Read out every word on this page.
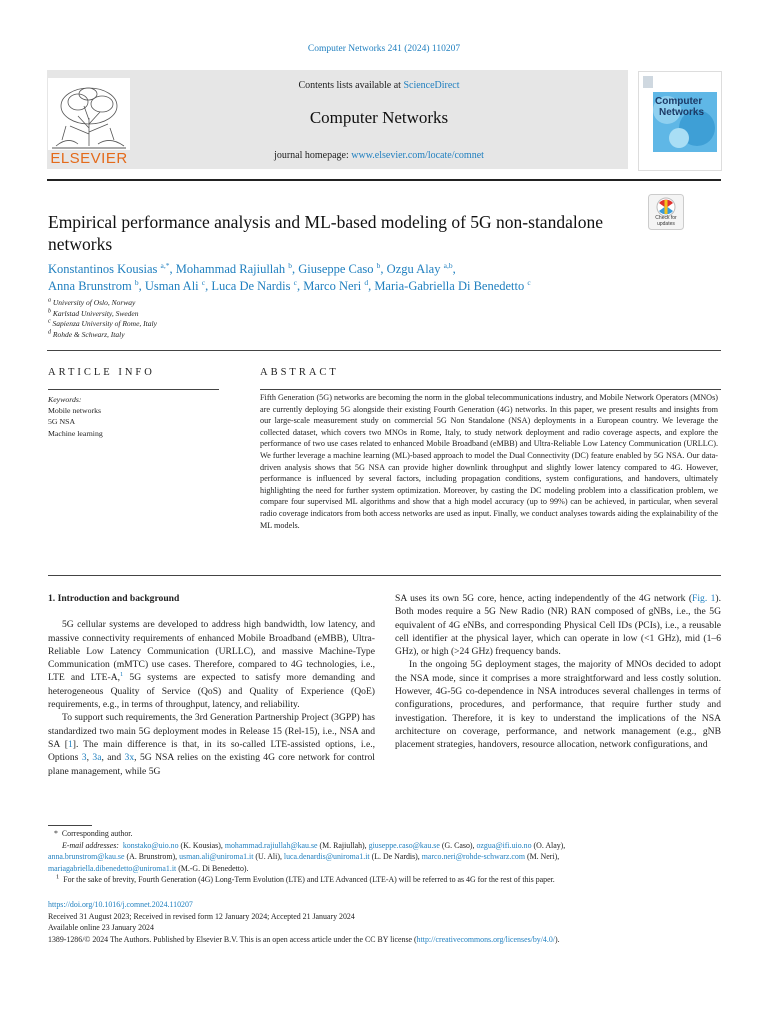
Computer Networks 241 (2024) 110207
ELSEVIER
Contents lists available at ScienceDirect
Computer Networks
journal homepage: www.elsevier.com/locate/comnet
Computer
Networks
Empirical performance analysis and ML-based modeling of 5G non-standalone networks
Check for updates
Konstantinos Kousias $^{a,*}$, Mohammad Rajiullah $^b$, Giuseppe Caso $^b$, Ozgu Alay $^{a,b}$,
Anna Brunstrom $^b$, Usman Ali $^c$, Luca De Nardis $^c$, Marco Neri $^d$, Maria-Gabriella Di Benedetto $^c$
$^a$ University of Oslo, Norway
$^b$ Karlstad University, Sweden
$^c$ Sapienza University of Rome, Italy
$^d$ Rohde & Schwarz, Italy
ARTICLE INFO	ABSTRACT
Keywords:
Mobile networks
5G NSA
Machine learning
Fifth Generation (5G) networks are becoming the norm in the global telecommunications industry, and Mobile Network Operators (MNOs) are currently deploying 5G alongside their existing Fourth Generation (4G) networks. In this paper, we present results and insights from our large-scale measurement study on commercial 5G Non Standalone (NSA) deployments in a European country. We leverage the collected dataset, which covers two MNOs in Rome, Italy, to study network deployment and radio coverage aspects, and explore the performance of two use cases related to enhanced Mobile Broadband (eMBB) and Ultra-Reliable Low Latency Communication (URLLC). We further leverage a machine learning (ML)-based approach to model the Dual Connectivity (DC) feature enabled by 5G NSA. Our data-driven analysis shows that 5G NSA can provide higher downlink throughput and slightly lower latency compared to 4G. However, performance is influenced by several factors, including propagation conditions, system configurations, and handovers, ultimately highlighting the need for further system optimization. Moreover, by casting the DC modeling problem into a classification problem, we compare four supervised ML algorithms and show that a high model accuracy (up to 99%) can be achieved, in particular, when several radio coverage indicators from both access networks are used as input. Finally, we conduct analyses towards aiding the explainability of the ML models.

1. Introduction and background

5G cellular systems are developed to address high bandwidth, low latency, and massive connectivity requirements of enhanced Mobile Broadband (eMBB), Ultra-Reliable Low Latency Communication (URLLC), and massive Machine-Type Communication (mMTC) use cases. Therefore, compared to 4G technologies, i.e., LTE and LTE-A,$^1$ 5G systems are expected to satisfy more demanding and heterogeneous Quality of Service (QoS) and Quality of Experience (QoE) requirements, e.g., in terms of throughput, latency, and reliability.

To support such requirements, the 3rd Generation Partnership Project (3GPP) has standardized two main 5G deployment modes in Release 15 (Rel-15), i.e., NSA and SA [1]. The main difference is that, in its so-called LTE-assisted options, i.e., Options 3, 3a, and 3x, 5G NSA relies on the existing 4G core network for control plane management, while 5G

SA uses its own 5G core, hence, acting independently of the 4G network (Fig. 1). Both modes require a 5G New Radio (NR) RAN composed of gNBs, i.e., the 5G equivalent of 4G eNBs, and corresponding Physical Cell IDs (PCIs), i.e., a reusable cell identifier at the physical layer, which can operate in low (<1 GHz), mid (1–6 GHz), or high (>24 GHz) frequency bands.

In the ongoing 5G deployment stages, the majority of MNOs decided to adopt the NSA mode, since it comprises a more straightforward and less costly solution. However, 4G-5G co-dependence in NSA introduces several challenges in terms of configurations, procedures, and performance, that require further study and investigation. Therefore, it is key to understand the implications of the NSA architecture on coverage, performance, and network management (e.g., gNB placement strategies, handovers, resource allocation, network configurations, and

* Corresponding author.

E-mail addresses: konstako@uio.no (K. Kousias), mohammad.rajiullah@kau.se (M. Rajiullah), giuseppe.caso@kau.se (G. Caso), ozgua@ifi.uio.no (O. Alay),

anna.brunstrom@kau.se (A. Brunstrom), usman.ali@uniroma1.it (U. Ali), luca.denardis@uniroma1.it (L. De Nardis), marco.neri@rohde-schwarz.com (M. Neri),

mariagabriella.dibenedetto@uniroma1.it (M.-G. Di Benedetto).

$^1$ For the sake of brevity, Fourth Generation (4G) Long-Term Evolution (LTE) and LTE Advanced (LTE-A) will be referred to as 4G for the rest of this paper.

https://doi.org/10.1016/j.comnet.2024.110207

Received 31 August 2023; Received in revised form 12 January 2024; Accepted 21 January 2024

Available online 23 January 2024

1389-1286/© 2024 The Authors. Published by Elsevier B.V. This is an open access article under the CC BY license (http://creativecommons.org/licenses/by/4.0/).
